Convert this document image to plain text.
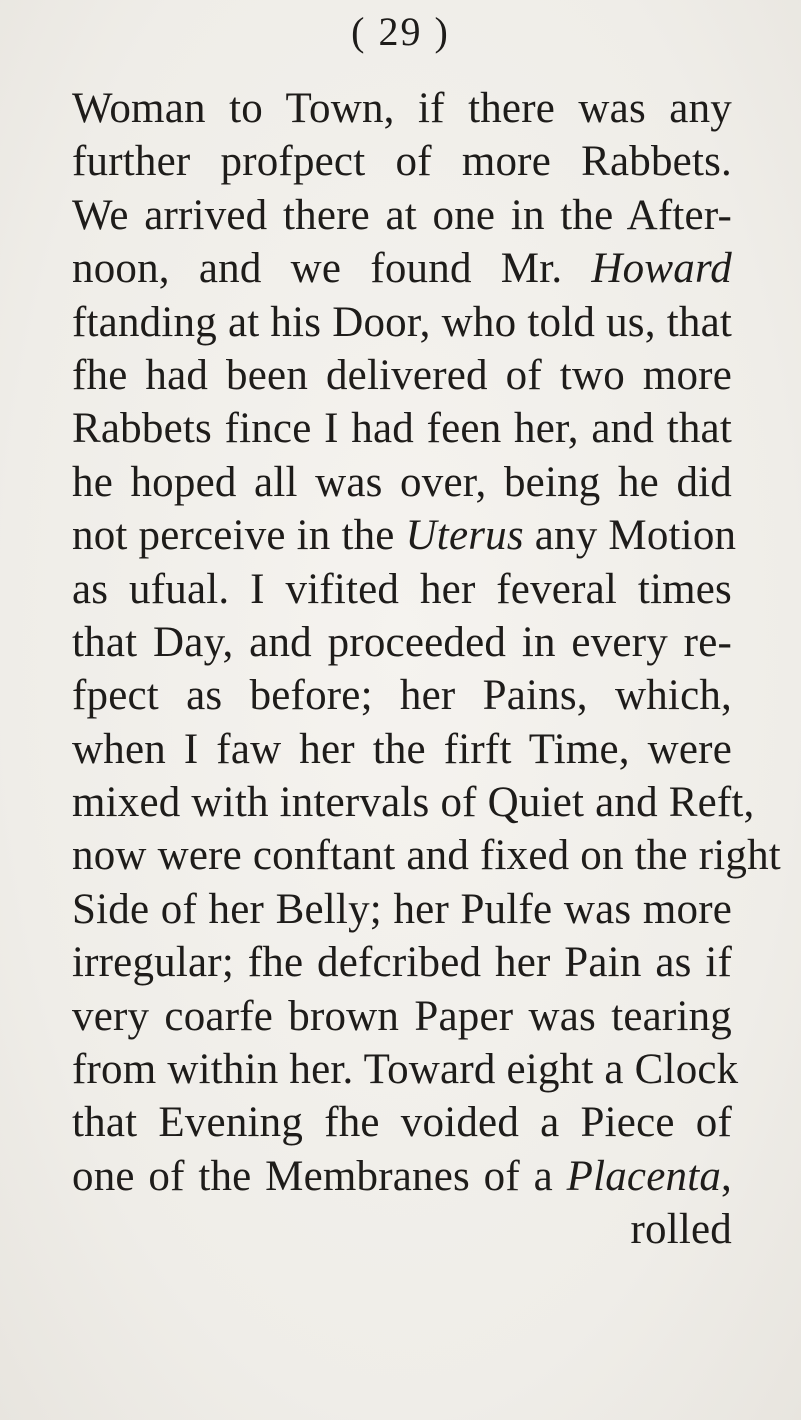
( 29 )
Woman to Town, if there was any
further profpect of more Rabbets.
We arrived there at one in the After-
noon, and we found Mr. Howard
ftanding at his Door, who told us, that
fhe had been delivered of two more
Rabbets fince I had feen her, and that
he hoped all was over, being he did
not perceive in the Uterus any Motion
as ufual. I vifited her feveral times
that Day, and proceeded in every re-
fpect as before; her Pains, which,
when I faw her the firft Time, were
mixed with intervals of Quiet and Reft,
now were conftant and fixed on the right
Side of her Belly; her Pulfe was more
irregular; fhe defcribed her Pain as if
very coarfe brown Paper was tearing
from within her. Toward eight a Clock
that Evening fhe voided a Piece of
one of the Membranes of a Placenta,
rolled
